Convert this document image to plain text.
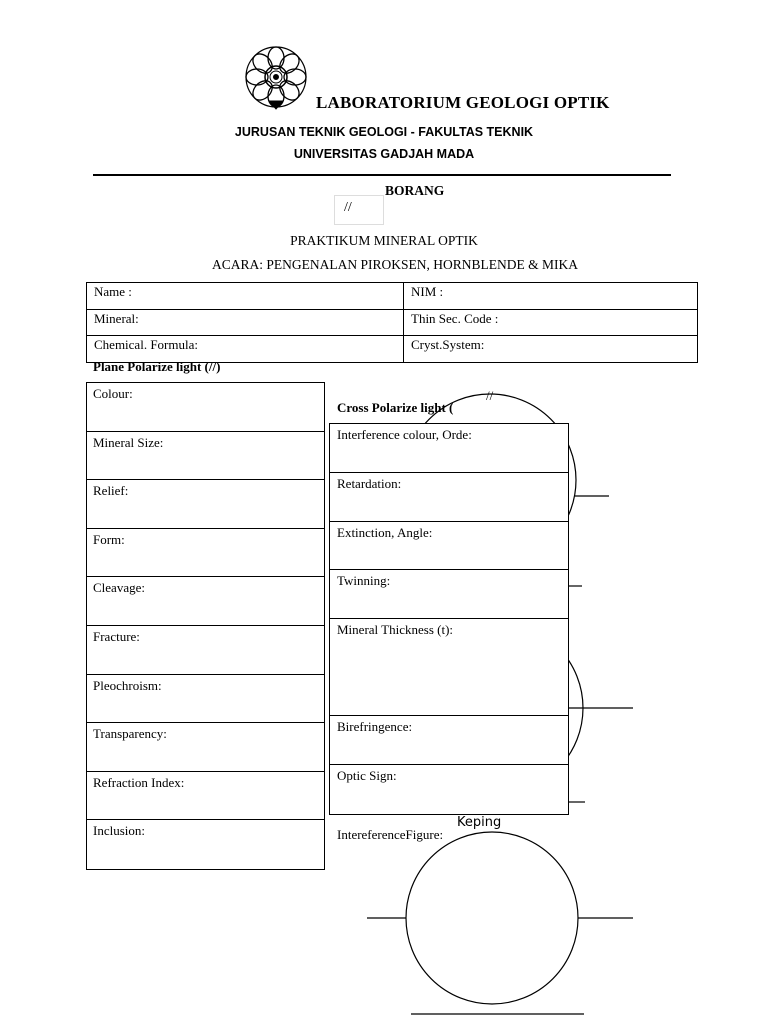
LABORATORIUM GEOLOGI OPTIK
JURUSAN TEKNIK GEOLOGI - FAKULTAS TEKNIK
UNIVERSITAS GADJAH MADA
BORANG
//
PRAKTIKUM MINERAL OPTIK
ACARA: PENGENALAN PIROKSEN, HORNBLENDE & MIKA
Name :	NIM :
Mineral:	Thin Sec. Code :
Chemical. Formula:	Cryst.System:
Plane Polarize light (//)
Colour:
Mineral Size:
Relief:
Form:
Cleavage:
Fracture:
Pleochroism:
Transparency:
Refraction Index:
Inclusion:
Cross Polarize light (
//
Interference colour, Orde:
Retardation:
Extinction, Angle:
Twinning:
Mineral Thickness (t):
Birefringence:
Optic Sign:
Keping
IntereferenceFigure:
